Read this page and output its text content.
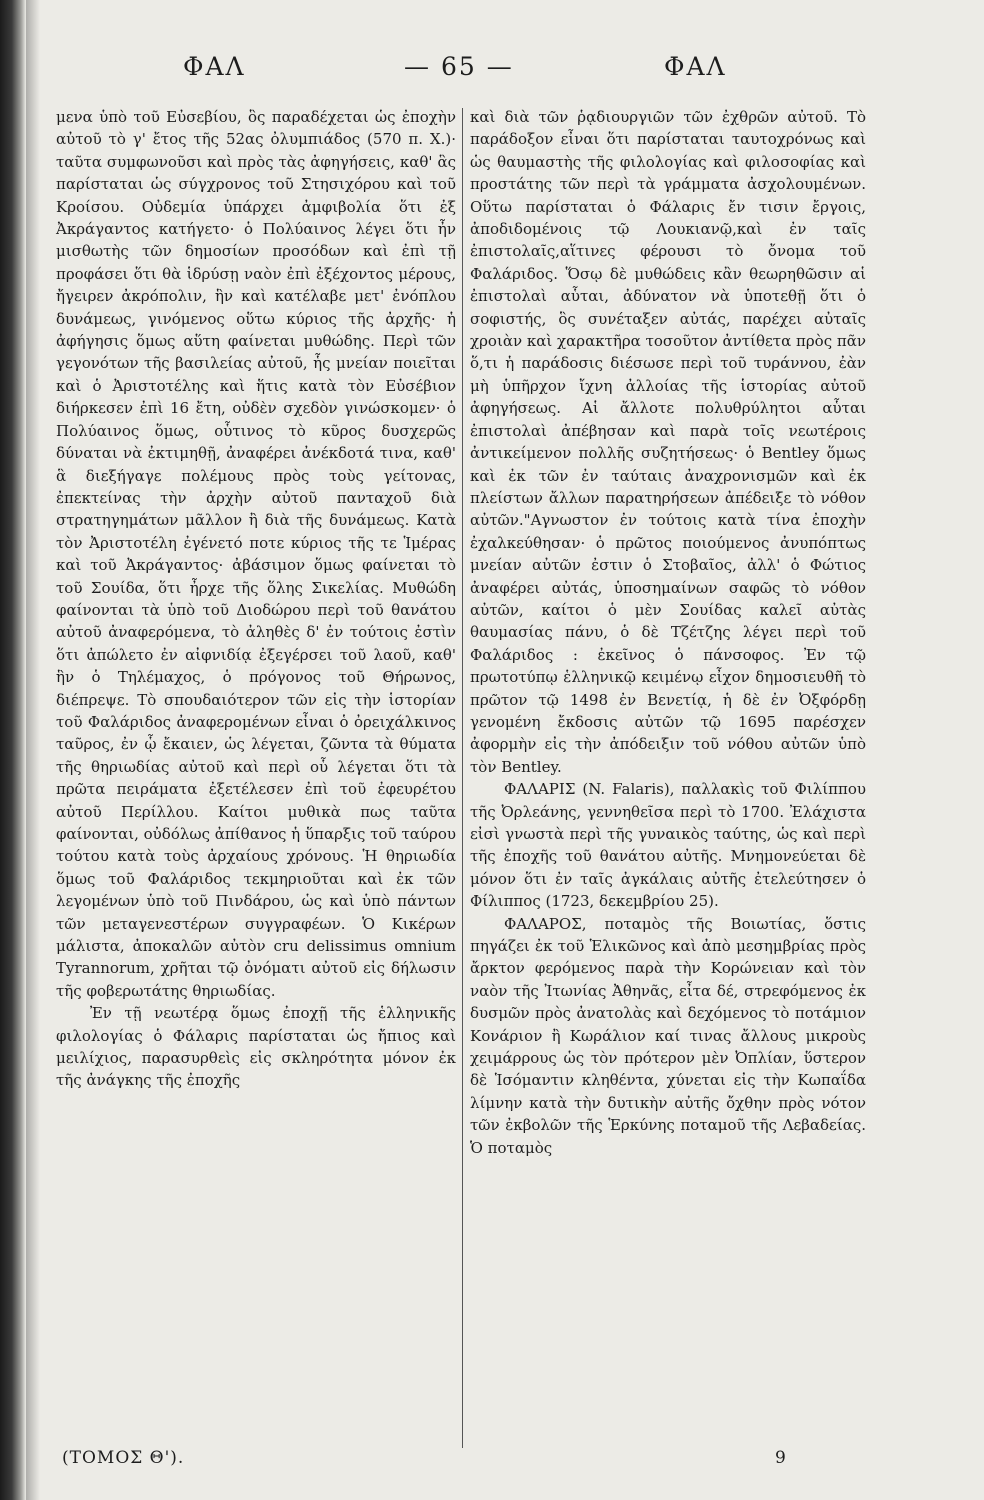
ΦΑΛ	— 65 —	ΦΑΛ

μενα ὑπὸ τοῦ Εὐσεβίου, ὃς παραδέχεται ὡς ἐποχὴν αὐτοῦ τὸ γ' ἔτος τῆς 52ας ὀλυμπιάδος (570 π. Χ.)· ταῦτα συμφωνοῦσι καὶ πρὸς τὰς ἀφηγήσεις, καθ' ἃς παρίσταται ὡς σύγχρονος τοῦ Στησιχόρου καὶ τοῦ Κροίσου. Οὐδεμία ὑπάρχει ἀμφιβολία ὅτι ἐξ Ἀκράγαντος κατήγετο· ὁ Πολύαινος λέγει ὅτι ἦν μισθωτὴς τῶν δημοσίων προσόδων καὶ ἐπὶ τῇ προφάσει ὅτι θὰ ἱδρύσῃ ναὸν ἐπὶ ἐξέχοντος μέρους, ἤγειρεν ἀκρόπολιν, ἣν καὶ κατέλαβε μετ' ἐνόπλου δυνάμεως, γινόμενος οὕτω κύριος τῆς ἀρχῆς· ἡ ἀφήγησις ὅμως αὕτη φαίνεται μυθώδης. Περὶ τῶν γεγονότων τῆς βασιλείας αὐτοῦ, ἧς μνείαν ποιεῖται καὶ ὁ Ἀριστοτέλης καὶ ἥτις κατὰ τὸν Εὐσέβιον διήρκεσεν ἐπὶ 16 ἔτη, οὐδὲν σχεδὸν γινώσκομεν· ὁ Πολύαινος ὅμως, οὗτινος τὸ κῦρος δυσχερῶς δύναται νὰ ἐκτιμηθῇ, ἀναφέρει ἀνέκδοτά τινα, καθ' ἃ διεξήγαγε πολέμους πρὸς τοὺς γείτονας, ἐπεκτείνας τὴν ἀρχὴν αὐτοῦ πανταχοῦ διὰ στρατηγημάτων μᾶλλον ἢ διὰ τῆς δυνάμεως. Κατὰ τὸν Ἀριστοτέλη ἐγένετό ποτε κύριος τῆς τε Ἱμέρας καὶ τοῦ Ἀκράγαντος· ἀβάσιμον ὅμως φαίνεται τὸ τοῦ Σουίδα, ὅτι ἦρχε τῆς ὅλης Σικελίας. Μυθώδη φαίνονται τὰ ὑπὸ τοῦ Διοδώρου περὶ τοῦ θανάτου αὐτοῦ ἀναφερόμενα, τὸ ἀληθὲς δ' ἐν τούτοις ἐστὶν ὅτι ἀπώλετο ἐν αἰφνιδίᾳ ἐξεγέρσει τοῦ λαοῦ, καθ' ἣν ὁ Τηλέμαχος, ὁ πρόγονος τοῦ Θήρωνος, διέπρεψε. Τὸ σπουδαιότερον τῶν εἰς τὴν ἱστορίαν τοῦ Φαλάριδος ἀναφερομένων εἶναι ὁ ὀρειχάλκινος ταῦρος, ἐν ᾧ ἔκαιεν, ὡς λέγεται, ζῶντα τὰ θύματα τῆς θηριωδίας αὐτοῦ καὶ περὶ οὗ λέγεται ὅτι τὰ πρῶτα πειράματα ἐξετέλεσεν ἐπὶ τοῦ ἐφευρέτου αὐτοῦ Περίλλου. Καίτοι μυθικὰ πως ταῦτα φαίνονται, οὐδόλως ἀπίθανος ἡ ὕπαρξις τοῦ ταύρου τούτου κατὰ τοὺς ἀρχαίους χρόνους. Ἡ θηριωδία ὅμως τοῦ Φαλάριδος τεκμηριοῦται καὶ ἐκ τῶν λεγομένων ὑπὸ τοῦ Πινδάρου, ὡς καὶ ὑπὸ πάντων τῶν μεταγενεστέρων συγγραφέων. Ὁ Κικέρων μάλιστα, ἀποκαλῶν αὐτὸν cru delissimus omnium Tyrannorum, χρῆται τῷ ὀνόματι αὐτοῦ εἰς δήλωσιν τῆς φοβερωτάτης θηριωδίας.

Ἐν τῇ νεωτέρᾳ ὅμως ἐποχῇ τῆς ἑλληνικῆς φιλολογίας ὁ Φάλαρις παρίσταται ὡς ἤπιος καὶ μειλίχιος, παρασυρθεὶς εἰς σκληρότητα μόνον ἐκ τῆς ἀνάγκης τῆς ἐποχῆς

καὶ διὰ τῶν ῥᾳδιουργιῶν τῶν ἐχθρῶν αὐτοῦ. Τὸ παράδοξον εἶναι ὅτι παρίσταται ταυτοχρόνως καὶ ὡς θαυμαστὴς τῆς φιλολογίας καὶ φιλοσοφίας καὶ προστάτης τῶν περὶ τὰ γράμματα ἀσχολουμένων. Οὕτω παρίσταται ὁ Φάλαρις ἔν τισιν ἔργοις, ἀποδιδομένοις τῷ Λουκιανῷ,καὶ ἐν ταῖς ἐπιστολαῖς,αἵτινες φέρουσι τὸ ὄνομα τοῦ Φαλάριδος. Ὅσῳ δὲ μυθώδεις κἂν θεωρηθῶσιν αἱ ἐπιστολαὶ αὗται, ἀδύνατον νὰ ὑποτεθῇ ὅτι ὁ σοφιστής, ὃς συνέταξεν αὐτάς, παρέχει αὐταῖς χροιὰν καὶ χαρακτῆρα τοσοῦτον ἀντίθετα πρὸς πᾶν ὅ,τι ἡ παράδοσις διέσωσε περὶ τοῦ τυράννου, ἐὰν μὴ ὑπῆρχον ἴχνη ἀλλοίας τῆς ἱστορίας αὐτοῦ ἀφηγήσεως. Αἱ ἄλλοτε πολυθρύλητοι αὗται ἐπιστολαὶ ἀπέβησαν καὶ παρὰ τοῖς νεωτέροις ἀντικείμενον πολλῆς συζητήσεως· ὁ Bentley ὅμως καὶ ἐκ τῶν ἐν ταύταις ἀναχρονισμῶν καὶ ἐκ πλείστων ἄλλων παρατηρήσεων ἀπέδειξε τὸ νόθον αὐτῶν."Αγνωστον ἐν τούτοις κατὰ τίνα ἐποχὴν ἐχαλκεύθησαν· ὁ πρῶτος ποιούμενος ἀνυπόπτως μνείαν αὐτῶν ἐστιν ὁ Στοβαῖος, ἀλλ' ὁ Φώτιος ἀναφέρει αὐτάς, ὑποσημαίνων σαφῶς τὸ νόθον αὐτῶν, καίτοι ὁ μὲν Σουίδας καλεῖ αὐτὰς θαυμασίας πάνυ, ὁ δὲ Τζέτζης λέγει περὶ τοῦ Φαλάριδος : ἐκεῖνος ὁ πάνσοφος. Ἐν τῷ πρωτοτύπῳ ἑλληνικῷ κειμένῳ εἶχον δημοσιευθῆ τὸ πρῶτον τῷ 1498 ἐν Βενετίᾳ, ἡ δὲ ἐν Ὀξφόρδῃ γενομένη ἔκδοσις αὐτῶν τῷ 1695 παρέσχεν ἀφορμὴν εἰς τὴν ἀπόδειξιν τοῦ νόθου αὐτῶν ὑπὸ τὸν Bentley.

ΦΑΛΑΡΙΣ (N. Falaris), παλλακὶς τοῦ Φιλίππου τῆς Ὀρλεάνης, γεννηθεῖσα περὶ τὸ 1700. Ἐλάχιστα εἰσὶ γνωστὰ περὶ τῆς γυναικὸς ταύτης, ὡς καὶ περὶ τῆς ἐποχῆς τοῦ θανάτου αὐτῆς. Μνημονεύεται δὲ μόνον ὅτι ἐν ταῖς ἀγκάλαις αὐτῆς ἐτελεύτησεν ὁ Φίλιππος (1723, δεκεμβρίου 25).

ΦΑΛΑΡΟΣ, ποταμὸς τῆς Βοιωτίας, ὅστις πηγάζει ἐκ τοῦ Ἑλικῶνος καὶ ἀπὸ μεσημβρίας πρὸς ἄρκτον φερόμενος παρὰ τὴν Κορώνειαν καὶ τὸν ναὸν τῆς Ἰτωνίας Ἀθηνᾶς, εἶτα δέ, στρεφόμενος ἐκ δυσμῶν πρὸς ἀνατολὰς καὶ δεχόμενος τὸ ποτάμιον Κονάριον ἢ Κωράλιον καί τινας ἄλλους μικροὺς χειμάρρους ὡς τὸν πρότερον μὲν Ὀπλίαν, ὕστερον δὲ Ἱσόμαντιν κληθέντα, χύνεται εἰς τὴν Κωπαΐδα λίμνην κατὰ τὴν δυτικὴν αὐτῆς ὄχθην πρὸς νότον τῶν ἐκβολῶν τῆς Ἑρκύνης ποταμοῦ τῆς Λεβαδείας. Ὁ ποταμὸς

(ΤΟΜΟΣ Θ').	9
